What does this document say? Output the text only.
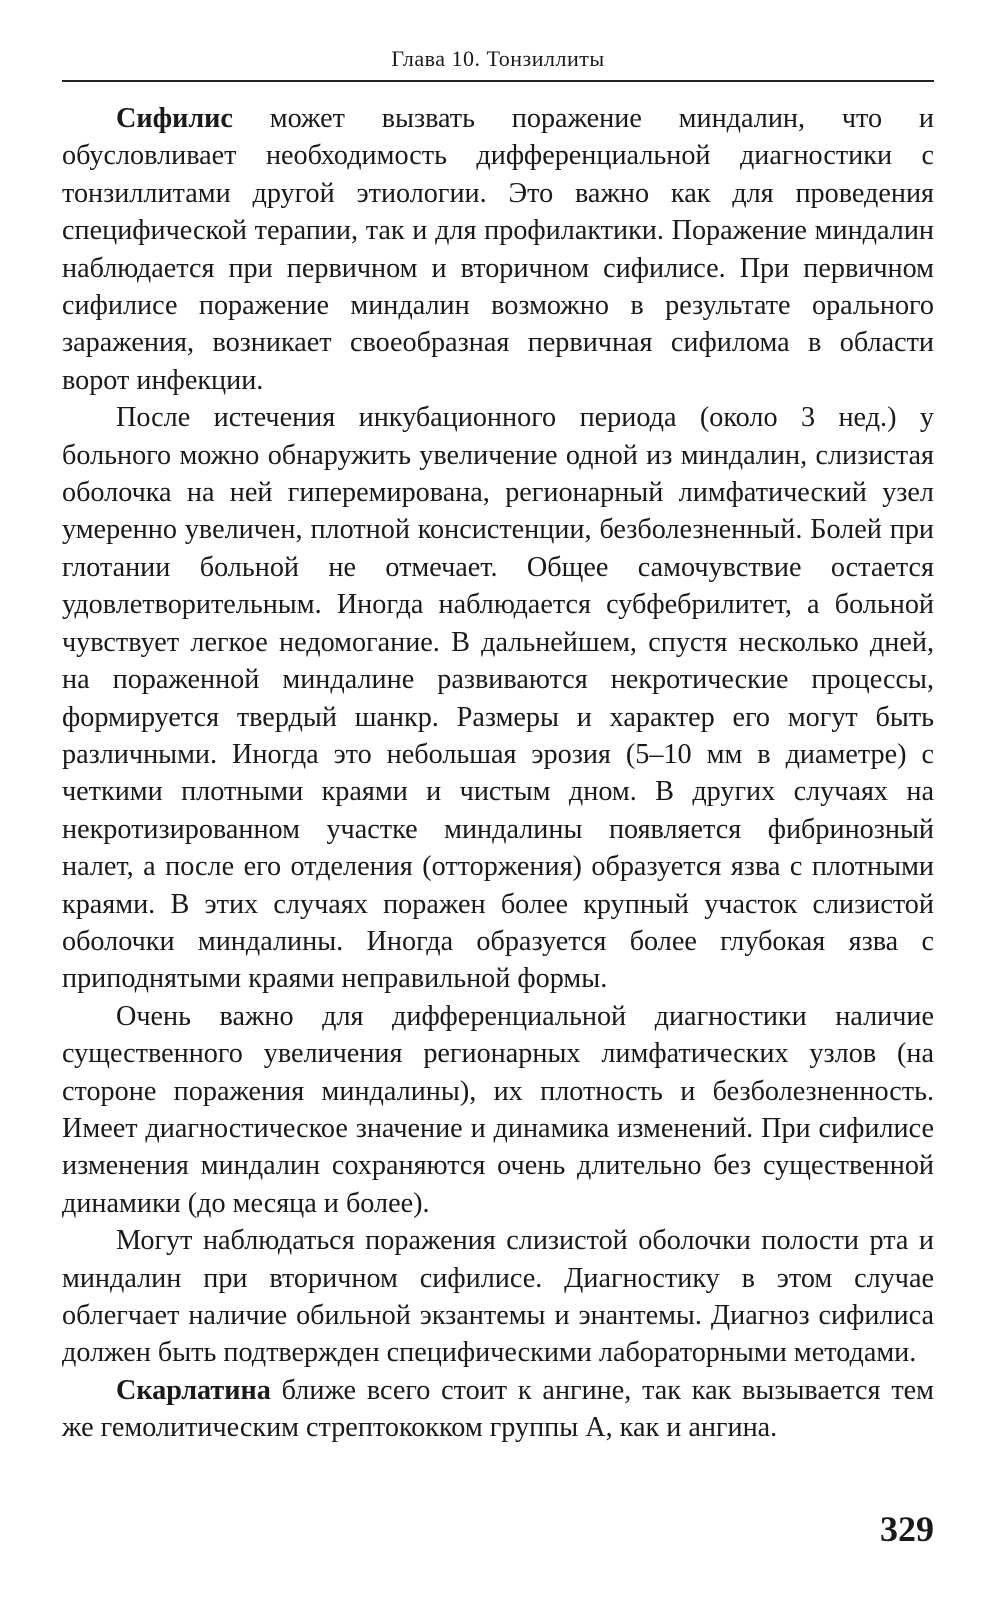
Глава 10. Тонзиллиты

Сифилис может вызвать поражение миндалин, что и обусловливает необходимость дифференциальной диагностики с тонзиллитами другой этиологии. Это важно как для проведения специфической терапии, так и для профилактики. Поражение миндалин наблюдается при первичном и вторичном сифилисе. При первичном сифилисе поражение миндалин возможно в результате орального заражения, возникает своеобразная первичная сифилома в области ворот инфекции.

После истечения инкубационного периода (около 3 нед.) у больного можно обнаружить увеличение одной из миндалин, слизистая оболочка на ней гиперемирована, регионарный лимфатический узел умеренно увеличен, плотной консистенции, безболезненный. Болей при глотании больной не отмечает. Общее самочувствие остается удовлетворительным. Иногда наблюдается субфебрилитет, а больной чувствует легкое недомогание. В дальнейшем, спустя несколько дней, на пораженной миндалине развиваются некротические процессы, формируется твердый шанкр. Размеры и характер его могут быть различными. Иногда это небольшая эрозия (5–10 мм в диаметре) с четкими плотными краями и чистым дном. В других случаях на некротизированном участке миндалины появляется фибринозный налет, а после его отделения (отторжения) образуется язва с плотными краями. В этих случаях поражен более крупный участок слизистой оболочки миндалины. Иногда образуется более глубокая язва с приподнятыми краями неправильной формы.

Очень важно для дифференциальной диагностики наличие существенного увеличения регионарных лимфатических узлов (на стороне поражения миндалины), их плотность и безболезненность. Имеет диагностическое значение и динамика изменений. При сифилисе изменения миндалин сохраняются очень длительно без существенной динамики (до месяца и более).

Могут наблюдаться поражения слизистой оболочки полости рта и миндалин при вторичном сифилисе. Диагностику в этом случае облегчает наличие обильной экзантемы и энантемы. Диагноз сифилиса должен быть подтвержден специфическими лабораторными методами.

Скарлатина ближе всего стоит к ангине, так как вызывается тем же гемолитическим стрептококком группы А, как и ангина.

329
